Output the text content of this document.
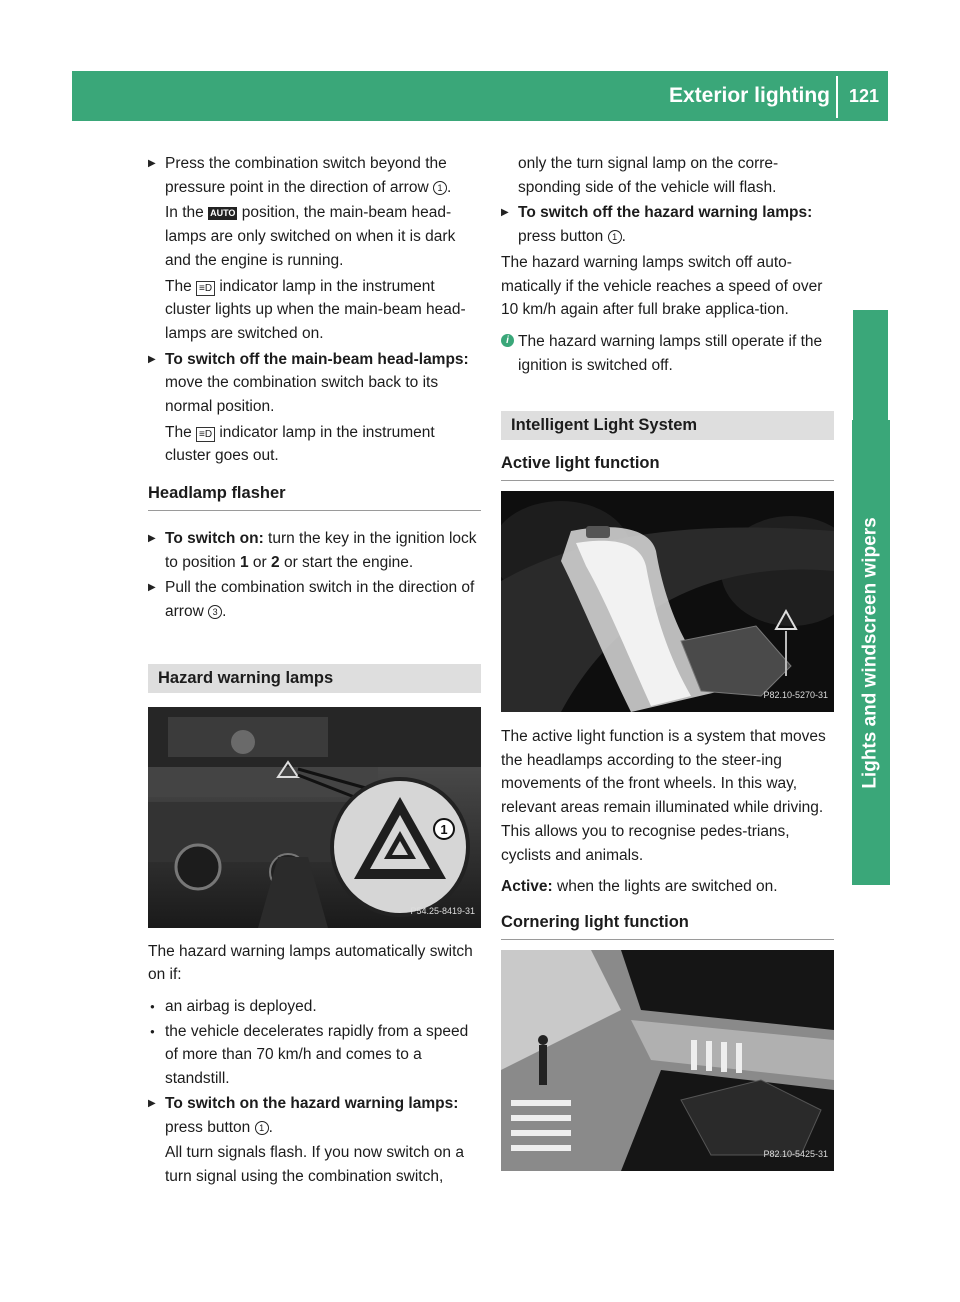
Exterior lighting	121
Lights and windscreen wipers
▶ Press the combination switch beyond the pressure point in the direction of arrow 1 .
In the AUTO position, the main-beam head-lamps are only switched on when it is dark and the engine is running.
The ≡D indicator lamp in the instrument cluster lights up when the main-beam head-lamps are switched on.
▶ To switch off the main-beam head-lamps: move the combination switch back to its normal position.
The ≡D indicator lamp in the instrument cluster goes out.
Headlamp flasher
▶ To switch on: turn the key in the ignition lock to position 1 or 2 or start the engine.
▶ Pull the combination switch in the direction of arrow 3 .
Hazard warning lamps
1
P54.25-8419-31
The hazard warning lamps automatically switch on if:
● an airbag is deployed.
● the vehicle decelerates rapidly from a speed of more than 70 km/h and comes to a standstill.
▶ To switch on the hazard warning lamps: press button 1 .
All turn signals flash. If you now switch on a turn signal using the combination switch,
only the turn signal lamp on the corre-sponding side of the vehicle will flash.
▶ To switch off the hazard warning lamps: press button 1 .
The hazard warning lamps switch off auto-matically if the vehicle reaches a speed of over 10 km/h again after full brake applica-tion.
i The hazard warning lamps still operate if the ignition is switched off.
Intelligent Light System
Active light function
P82.10-5270-31
The active light function is a system that moves the headlamps according to the steer-ing movements of the front wheels. In this way, relevant areas remain illuminated while driving. This allows you to recognise pedes-trians, cyclists and animals.
Active: when the lights are switched on.
Cornering light function
P82.10-5425-31
